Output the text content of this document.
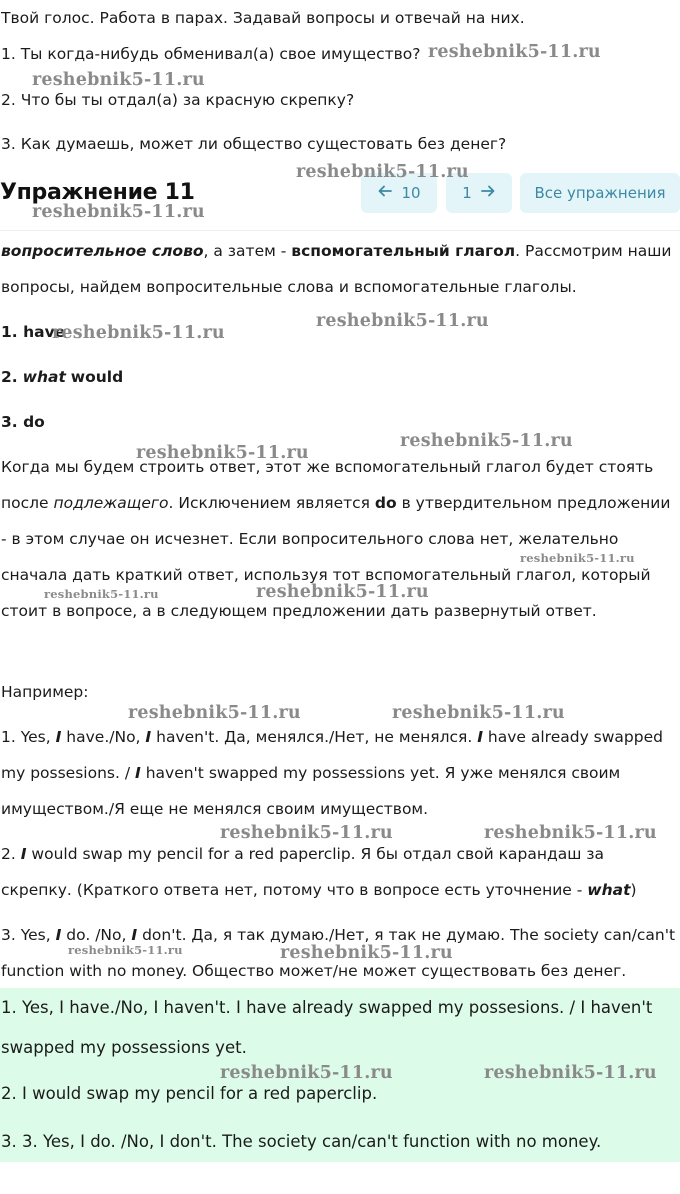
Твой голос. Работа в парах. Задавай вопросы и отвечай на них.

1. Ты когда-нибудь обменивал(а) свое имущество?

2. Что бы ты отдал(а) за красную скрепку?

3. Как думаешь, может ли общество сущестовать без денег?

Упражнение 11	10	1	Все упражнения

вопросительное слово, а затем - вспомогательный глагол. Рассмотрим наши вопросы, найдем вопросительные слова и вспомогательные глаголы.

1. have

2. what would

3. do

Когда мы будем строить ответ, этот же вспомогательный глагол будет стоять после подлежащего. Исключением является do в утвердительном предложении - в этом случае он исчезнет. Если вопросительного слова нет, желательно сначала дать краткий ответ, используя тот вспомогательный глагол, который стоит в вопросе, а в следующем предложении дать развернутый ответ.

Например:

1. Yes, I have./No, I haven't. Да, менялся./Нет, не менялся. I have already swapped my possesions. / I haven't swapped my possessions yet. Я уже менялся своим имуществом./Я еще не менялся своим имуществом.

2. I would swap my pencil for a red paperclip. Я бы отдал свой карандаш за скрепку. (Краткого ответа нет, потому что в вопросе есть уточнение - what)

3. Yes, I do. /No, I don't. Да, я так думаю./Нет, я так не думаю. The society can/can't function with no money. Общество может/не может существовать без денег.

1. Yes, I have./No, I haven't. I have already swapped my possesions. / I haven't swapped my possessions yet.

2. I would swap my pencil for a red paperclip.

3. 3. Yes, I do. /No, I don't. The society can/can't function with no money.

reshebnik5-11.ru
reshebnik5-11.ru
reshebnik5-11.ru
reshebnik5-11.ru
reshebnik5-11.ru
reshebnik5-11.ru
reshebnik5-11.ru
reshebnik5-11.ru
reshebnik5-11.ru
reshebnik5-11.ru	reshebnik5-11.ru
reshebnik5-11.ru	reshebnik5-11.ru
reshebnik5-11.ru	reshebnik5-11.ru
reshebnik5-11.ru	reshebnik5-11.ru
reshebnik5-11.ru	reshebnik5-11.ru
